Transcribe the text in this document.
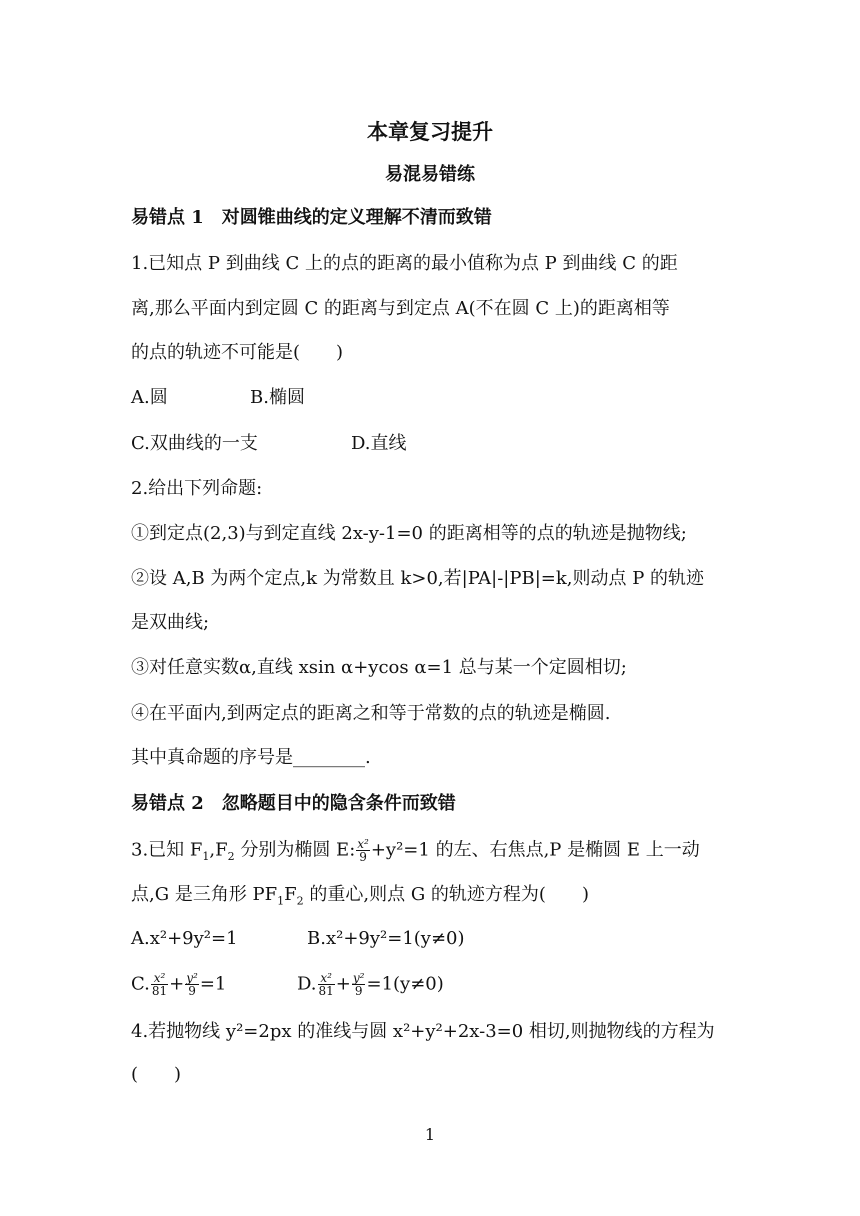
本章复习提升
易混易错练
易错点 1　对圆锥曲线的定义理解不清而致错
1.已知点 P 到曲线 C 上的点的距离的最小值称为点 P 到曲线 C 的距
离,那么平面内到定圆 C 的距离与到定点 A(不在圆 C 上)的距离相等
的点的轨迹不可能是(　　)
A.圆	B.椭圆
C.双曲线的一支	D.直线
2.给出下列命题:
①到定点(2,3)与到定直线 2x-y-1=0 的距离相等的点的轨迹是抛物线;
②设 A,B 为两个定点,k 为常数且 k>0,若|PA|-|PB|=k,则动点 P 的轨迹
是双曲线;
③对任意实数α,直线 xsin α+ycos α=1 总与某一个定圆相切;
④在平面内,到两定点的距离之和等于常数的点的轨迹是椭圆.
其中真命题的序号是________.
易错点 2　忽略题目中的隐含条件而致错
3.已知 $F_1,F_2$ 分别为椭圆 E: $\frac{\text{x²}}{9} +y^2=1$ 的左、右焦点,P 是椭圆 E 上一动
点,G 是三角形 $PF_1F_2$ 的重心,则点 G 的轨迹方程为(　　)
A.x²+9y²=1	B.x²+9y²=1(y≠0)
C. $\frac{\text{x²}}{81} + \frac{\text{y²}}{9} =1$	D. $\frac{\text{x²}}{81} + \frac{\text{y²}}{9} =1(y\ne 0)$
4.若抛物线 y²=2px 的准线与圆 x²+y²+2x-3=0 相切,则抛物线的方程为
(　　)
1
